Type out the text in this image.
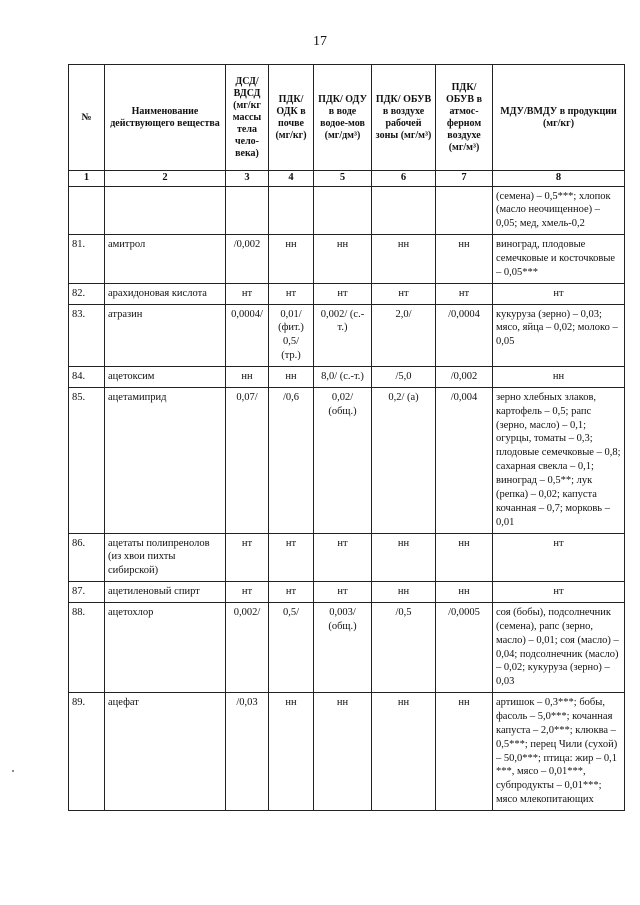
17
№	Наименование действующего вещества	ДСД/ ВДСД (мг/кг массы тела чело-века)	ПДК/ ОДК в почве (мг/кг)	ПДК/ ОДУ в воде водое-мов (мг/дм³)	ПДК/ ОБУВ в воздухе рабочей зоны (мг/м³)	ПДК/ ОБУВ в атмос-ферном воздухе (мг/м³)	МДУ/ВМДУ в продукции (мг/кг)
1	2	3	4	5	6	7	8
							(семена) – 0,5***; хлопок (масло неочищенное) – 0,05; мед, хмель-0,2
81.	амитрол	/0,002	нн	нн	нн	нн	виноград, плодовые семечковые и косточковые – 0,05***
82.	арахидоновая кислота	нт	нт	нт	нт	нт	нт
83.	атразин	0,0004/	0,01/ (фит.) 0,5/ (тр.)	0,002/ (с.-т.)	2,0/	/0,0004	кукуруза (зерно) – 0,03; мясо, яйца – 0,02; молоко – 0,05
84.	ацетоксим	нн	нн	8,0/ (с.-т.)	/5,0	/0,002	нн
85.	ацетамиприд	0,07/	/0,6	0,02/ (общ.)	0,2/ (а)	/0,004	зерно хлебных злаков, картофель – 0,5; рапс (зерно, масло) – 0,1; огурцы, томаты – 0,3; плодовые семечковые – 0,8; сахарная свекла – 0,1; виноград – 0,5**; лук (репка) – 0,02; капуста кочанная – 0,7; морковь – 0,01
86.	ацетаты полипренолов (из хвои пихты сибирской)	нт	нт	нт	нн	нн	нт
87.	ацетиленовый спирт	нт	нт	нт	нн	нн	нт
88.	ацетохлор	0,002/	0,5/	0,003/ (общ.)	/0,5	/0,0005	соя (бобы), подсолнечник (семена), рапс (зерно, масло) – 0,01; соя (масло) – 0,04; подсолнечник (масло) – 0,02; кукуруза (зерно) – 0,03
89.	ацефат	/0,03	нн	нн	нн	нн	артишок – 0,3***; бобы, фасоль – 5,0***; кочанная капуста – 2,0***; клюква – 0,5***; перец Чили (сухой) – 50,0***; птица: жир – 0,1 ***, мясо – 0,01***, субпродукты – 0,01***; мясо млекопитающих
